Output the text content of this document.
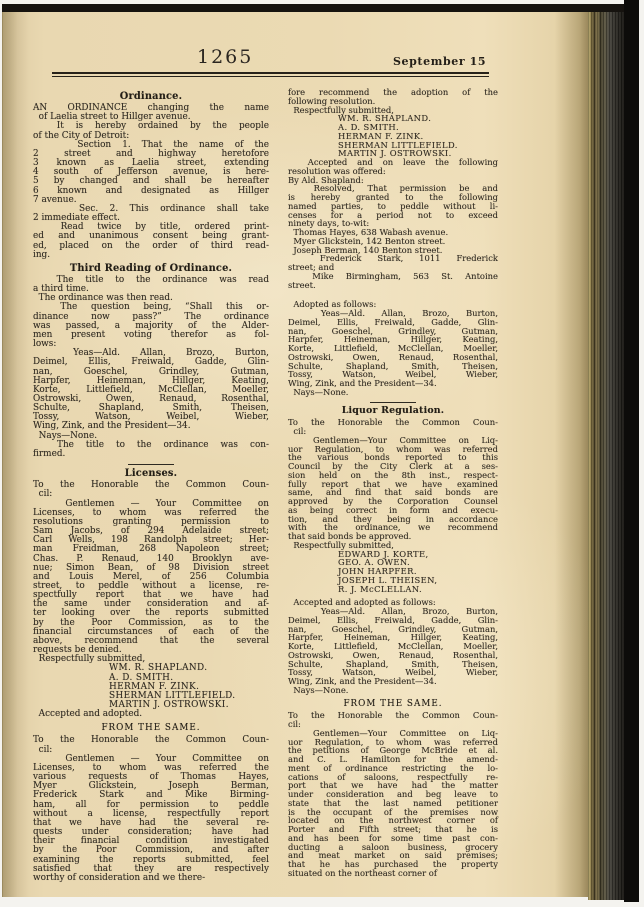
1265	September 15
Ordinance.
AN ORDINANCE changing the name
of Laelia street to Hillger avenue.
It is hereby ordained by the people
of the City of Detroit:
Section 1. That the name of the
2 street and highway heretofore
3 known as Laelia street, extending
4 south of Jefferson avenue, is here-
5 by changed and shall be hereafter
6 known and designated as Hillger
7 avenue.
Sec. 2. This ordinance shall take
2 immediate effect.
Read twice by title, ordered print-
ed and unanimous consent being grant-
ed, placed on the order of third read-
ing.
Third Reading of Ordinance.
The title to the ordinance was read
a third time.
The ordinance was then read.
The question being, “Shall this or-
dinance now pass?” The ordinance
was passed, a majority of the Alder-
men present voting therefor as fol-
lows:
Yeas—Ald. Allan, Brozo, Burton,
Deimel, Ellis, Freiwald, Gadde, Glin-
nan, Goeschel, Grindley, Gutman,
Harpfer, Heineman, Hillger, Keating,
Korte, Littlefield, McClellan, Moeller,
Ostrowski, Owen, Renaud, Rosenthal,
Schulte, Shapland, Smith, Theisen,
Tossy, Watson, Weibel, Wieber,
Wing, Zink, and the President—34.
Nays—None.
The title to the ordinance was con-
firmed.
Licenses.
To the Honorable the Common Coun-
cil:
Gentlemen — Your Committee on
Licenses, to whom was referred the
resolutions granting permission to
Sam Jacobs, of 294 Adelaide street;
Carl Wells, 198 Randolph street; Her-
man Freidman, 268 Napoleon street;
Chas. P. Renaud, 140 Brooklyn ave-
nue; Simon Bean, of 98 Division street
and Louis Merel, of 256 Columbia
street, to peddle without a license, re-
spectfully report that we have had
the same under consideration and af-
ter looking over the reports submitted
by the Poor Commission, as to the
financial circumstances of each of the
above, recommend that the several
requests be denied.
Respectfully submitted,
WM. R. SHAPLAND.
A. D. SMITH.
HERMAN F. ZINK.
SHERMAN LITTLEFIELD.
MARTIN J. OSTROWSKI.
Accepted and adopted.
FROM THE SAME.
To the Honorable the Common Coun-
cil:
Gentlemen — Your Committee on
Licenses, to whom was referred the
various requests of Thomas Hayes,
Myer Glickstein, Joseph Berman,
Frederick Stark and Mike Birming-
ham, all for permission to peddle
without a license, respectfully report
that we have had the several re-
quests under consideration; have had
their financial condition investigated
by the Poor Commission, and after
examining the reports submitted, feel
satisfied that they are respectively
worthy of consideration and we there-
fore recommend the adoption of the
following resolution.
Respectfully submitted,
WM. R. SHAPLAND.
A. D. SMITH.
HERMAN F. ZINK.
SHERMAN LITTLEFIELD.
MARTIN J. OSTROWSKI.
Accepted and on leave the following
resolution was offered:
By Ald. Shapland:
Resolved, That permission be and
is hereby granted to the following
named parties, to peddle without li-
censes for a period not to exceed
ninety days, to-wit:
Thomas Hayes, 638 Wabash avenue.
Myer Glickstein, 142 Benton street.
Joseph Berman, 140 Benton street.
Frederick Stark, 1011 Frederick
street; and
Mike Birmingham, 563 St. Antoine
street.
Adopted as follows:
Yeas—Ald. Allan, Brozo, Burton,
Deimel, Ellis, Freiwald, Gadde, Glin-
nan, Goeschel, Grindley, Gutman,
Harpfer, Heineman, Hillger, Keating,
Korte, Littlefield, McClellan, Moeller,
Ostrowski, Owen, Renaud, Rosenthal,
Schulte, Shapland, Smith, Theisen,
Tossy, Watson, Weibel, Wieber,
Wing, Zink, and the President—34.
Nays—None.
Liquor Regulation.
To the Honorable the Common Coun-
cil:
Gentlemen—Your Committee on Liq-
uor Regulation, to whom was referred
the various bonds reported to this
Council by the City Clerk at a ses-
sion held on the 8th inst., respect-
fully report that we have examined
same, and find that said bonds are
approved by the Corporation Counsel
as being correct in form and execu-
tion, and they being in accordance
with the ordinance, we recommend
that said bonds be approved.
Respectfully submitted,
EDWARD J. KORTE,
GEO. A. OWEN.
JOHN HARPFER.
JOSEPH L. THEISEN,
R. J. McCLELLAN.
Accepted and adopted as follows:
Yeas—Ald. Allan, Brozo, Burton,
Deimel, Ellis, Freiwald, Gadde, Glin-
nan, Goeschel, Grindley, Gutman,
Harpfer, Heineman, Hillger, Keating,
Korte, Littlefield, McClellan, Moeller,
Ostrowski, Owen, Renaud, Rosenthal,
Schulte, Shapland, Smith, Theisen,
Tossy, Watson, Weibel, Wieber,
Wing, Zink, and the President—34.
Nays—None.
FROM THE SAME.
To the Honorable the Common Coun-
cil:
Gentlemen—Your Committee on Liq-
uor Regulation, to whom was referred
the petitions of George McBride et al.
and C. L. Hamilton for the amend-
ment of ordinance restricting the lo-
cations of saloons, respectfully re-
port that we have had the matter
under consideration and beg leave to
state that the last named petitioner
is the occupant of the premises now
located on the northwest corner of
Porter and Fifth street; that he is
and has been for some time past con-
ducting a saloon business, grocery
and meat market on said premises;
that he has purchased the property
situated on the northeast corner of
